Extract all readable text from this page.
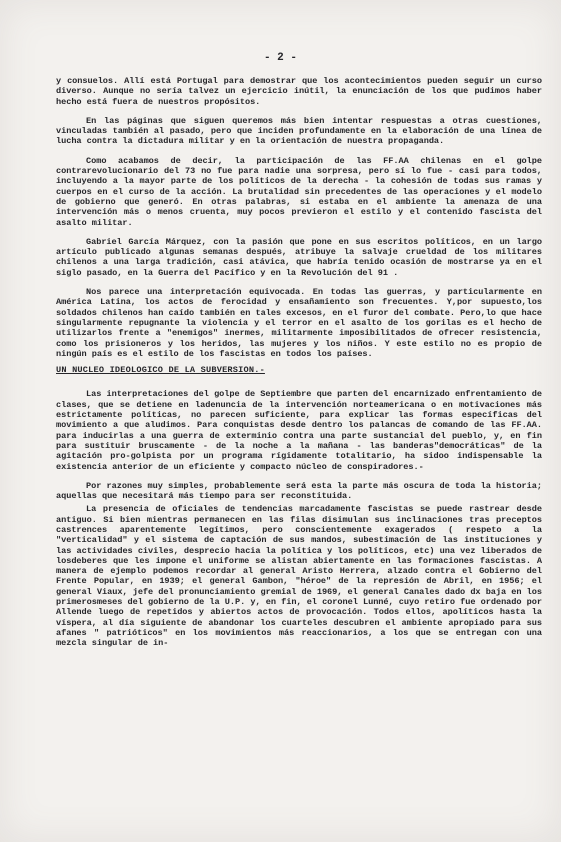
- 2 -

y consuelos. Allí está Portugal para demostrar que los acontecimientos pueden seguir un curso diverso. Aunque no sería talvez un ejercicio inútil, la enunciación de los que pudimos haber hecho está fuera de nuestros propósitos.

En las páginas que siguen queremos más bien intentar respuestas a otras cuestiones, vinculadas también al pasado, pero que inciden profundamente en la elaboración de una línea de lucha contra la dictadura militar y en la orientación de nuestra propaganda.

Como acabamos de decir, la participación de las FF.AA chilenas en el golpe contrarevolucionario del 73 no fue para nadie una sorpresa, pero sí lo fue - casi para todos, incluyendo a la mayor parte de los políticos de la derecha - la cohesión de todas sus ramas y cuerpos en el curso de la acción. La brutalidad sin precedentes de las operaciones y el modelo de gobierno que generó. En otras palabras, si estaba en el ambiente la amenaza de una intervención más o menos cruenta, muy pocos previeron el estilo y el contenido fascista del asalto militar.

Gabriel García Márquez, con la pasión que pone en sus escritos políticos, en un largo artículo publicado algunas semanas después, atribuye la salvaje crueldad de los militares chilenos a una larga tradición, casi atávica, que habría tenido ocasión de mostrarse ya en el siglo pasado, en la Guerra del Pacífico y en la Revolución del 91 .

Nos parece una interpretación equivocada. En todas las guerras, y particularmente en América Latina, los actos de ferocidad y ensañamiento son frecuentes. Y,por supuesto,los soldados chilenos han caído también en tales excesos, en el furor del combate. Pero,lo que hace singularmente repugnante la violencia y el terror en el asalto de los gorilas es el hecho de utilizarlos frente a "enemigos" inermes, militarmente imposibilitados de ofrecer resistencia, como los prisioneros y los heridos, las mujeres y los niños. Y este estilo no es propio de ningún país es el estilo de los fascistas en todos los países.

UN NUCLEO IDEOLOGICO DE LA SUBVERSION.-

Las interpretaciones del golpe de Septiembre que parten del encarnizado enfrentamiento de clases, que se detiene en ladenuncia de la intervención norteamericana o en motivaciones más estrictamente políticas, no parecen suficiente, para explicar las formas específicas del movimiento a que aludimos. Para conquistas desde dentro los palancas de comando de las FF.AA. para inducirlas a una guerra de exterminio contra una parte sustancial del pueblo, y, en fin para sustituir bruscamente - de la noche a la mañana - las banderas"democráticas" de la agitación pro-golpista por un programa rígidamente totalitario, ha sidoo indispensable la existencia anterior de un eficiente y compacto núcleo de conspiradores.-

Por razones muy simples, probablemente será esta la parte más oscura de toda la historia; aquellas que necesitará más tiempo para ser reconstituida.

La presencia de oficiales de tendencias marcadamente fascistas se puede rastrear desde antiguo. Si bien mientras permanecen en las filas disimulan sus inclinaciones tras preceptos castrences aparentemente legítimos, pero conscientemente exagerados ( respeto a la "verticalidad" y el sistema de captación de sus mandos, subestimación de las instituciones y las actividades civiles, desprecio hacia la política y los políticos, etc) una vez liberados de losdeberes que les impone el uniforme se alistan abiertamente en las formaciones fascistas. A manera de ejemplo podemos recordar al general Aristo Herrera, alzado contra el Gobierno del Frente Popular, en 1939; el general Gambon, "héroe" de la represión de Abril, en 1956; el general Viaux, jefe del pronunciamiento gremial de 1969, el general Canales dado dx baja en los primerosmeses del gobierno de la U.P. y, en fin, el coronel Lunné, cuyo retiro fue ordenado por Allende luego de repetidos y abiertos actos de provocación. Todos ellos, apolíticos hasta la víspera, al día siguiente de abandonar los cuarteles descubren el ambiente apropiado para sus afanes " patrióticos" en los movimientos más reaccionarios, a los que se entregan con una mezcla singular de in-
